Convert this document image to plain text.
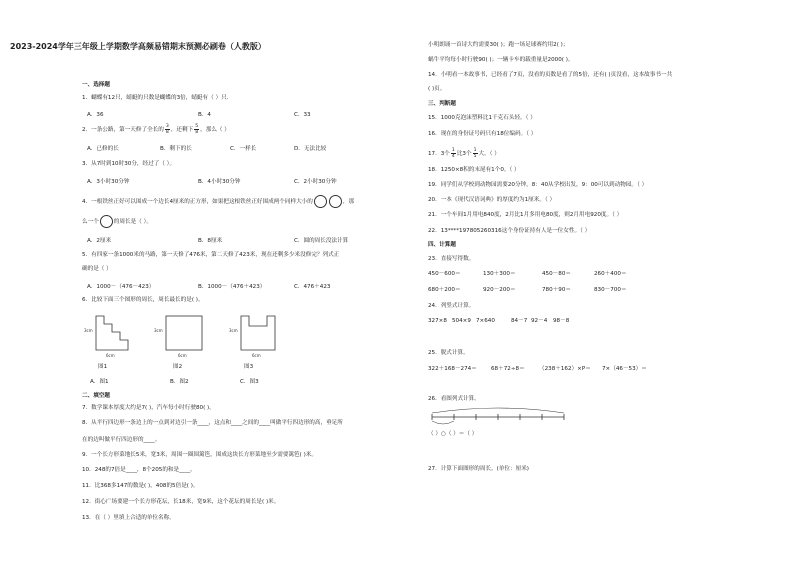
2023-2024学年三年级上学期数学高频易错期末预测必刷卷（人教版）
一、选择题
1．蝴蝶有12只，蜻蜓的只数是蝴蝶的3倍，蜻蜓有（ ）只．
A．36	B．4	C．33
2．一条公路，第一天修了全长的 $\frac{3}{8}$ ，还剩下 $\frac{5}{8}$ ，那么（ ）
A．已修的长	B．剩下的长	C．一样长	D．无法比较
3．从7时到10时30分，经过了（ ）。
A．3小时30分钟	B．4小时30分钟	C．2小时30分钟
4．一根铁丝正好可以围成一个边长4厘米的正方形，如果把这根铁丝正好围成两个同样大小的	，那
么一个	的周长是（ ）。
A．2厘米	B．8厘米	C．圆的周长没法计算
5．有四家一条1000米的马路，第一天修了476米，第二天修了423米，现在还剩多少米没修完？列式正
确的是（ ）
A．1000－（476－423）	B．1000－（476＋423）	C．476＋423
6．比较下面三个图形的周长，周长最长的是( )。
3cm
6cm
3cm
6cm
3cm
6cm
图1	图2	图3
A．图1	B．图2	C．图3
二、填空题
7．数学课本厚度大约是7( )，汽车每小时行驶80( )。
8．从平行四边形一条边上的一点到对边引一条____，这点和____之间的____叫做平行四边形的高，垂足所
在的边叫做平行四边形的____。
9．一个长方形菜地长5米，宽3米，周围一圈围篱笆，围成这块长方形菜地至少需要篱笆( )米。
10．248的7倍是____，8个205的和是____。
11．比368多147的数是( )，408的5倍是( )。
12．街心广场要建一个长方形花坛，长18米，宽9米，这个花坛的周长是( )米。
13．在（ ）里填上合适的单位名称。
小明朗诵一首诗大约需要30( )；跑一场足球赛约用2( )；
蜗牛平均每小时行驶90( )；一辆卡车的载重量是2000( )。
14．小明看一本故事书，已经看了7页，没看的页数是看了的5倍，还有( )页没看，这本故事书一共
( )页。
三、判断题
15．1000克泡沫塑料比1千克石头轻。（ ）
16．现在的身份证号码只有18位编码。（ ）
17．3个 $\frac{1}{4}$ 比3个 $\frac{1}{5}$ 大。（ ）
18．1250×8积的末尾有1个0。（ ）
19．同学们从学校到动物园需要20分钟，8：40从学校出发，9：00可以到动物园。（ ）
20．一本《现代汉语词典》的厚度约为1厘米。（ ）
21．一个车间1月用电840度，2月比1月多用电80度，则2月用电920度。（ ）
22．13****197805260316这个身份证持有人是一位女性。（ ）
四、计算题
23．直接写得数。
450－600＝	130＋300＝	450－80＝	260＋400＝
680＋200＝	920－200＝	780＋90＝	830－700＝
24．列竖式计算。
327×8 504×9 7×640	84－7 92－4 98－8
25．脱式计算。
322＋168－274＝	68＋72÷8＝	（238＋162）×P＝ 7×（46－53）＝
26．看图列式计算。
（ ）○（ ）＝（ ）
27．计算下面图形的周长。(单位：厘米)
